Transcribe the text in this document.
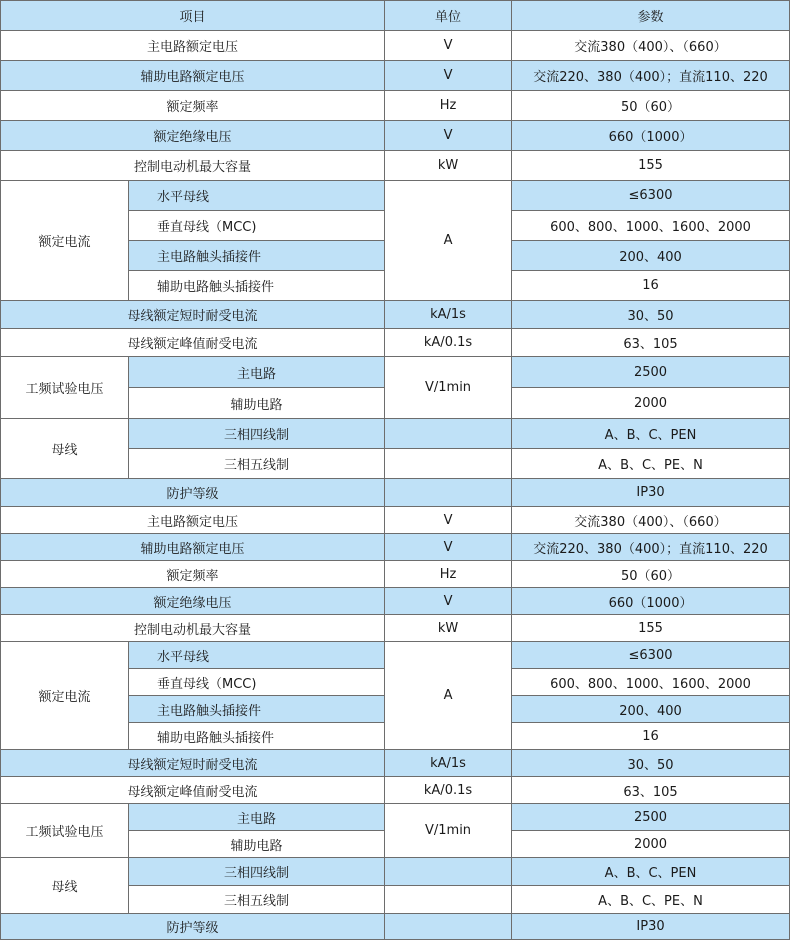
项目		单位	参数
主电路额定电压		V	交流380（400）、（660）
辅助电路额定电压		V	交流220、380（400）；直流110、220
额定频率		Hz	50（60）
额定绝缘电压		V	660（1000）
控制电动机最大容量		kW	155
额定电流	水平母线	A	≤6300
	垂直母线（MCC)		600、800、1000、1600、2000
	主电路触头插接件		200、400
	辅助电路触头插接件		16
母线额定短时耐受电流		kA/1s	30、50
母线额定峰值耐受电流		kA/0.1s	63、105
工频试验电压	主电路	V/1min	2500
	辅助电路		2000
母线	三相四线制		A、B、C、PEN
	三相五线制		A、B、C、PE、N
防护等级			IP30
主电路额定电压		V	交流380（400）、（660）
辅助电路额定电压		V	交流220、380（400）；直流110、220
额定频率		Hz	50（60）
额定绝缘电压		V	660（1000）
控制电动机最大容量		kW	155
额定电流	水平母线	A	≤6300
	垂直母线（MCC)		600、800、1000、1600、2000
	主电路触头插接件		200、400
	辅助电路触头插接件		16
母线额定短时耐受电流		kA/1s	30、50
母线额定峰值耐受电流		kA/0.1s	63、105
工频试验电压	主电路	V/1min	2500
	辅助电路		2000
母线	三相四线制		A、B、C、PEN
	三相五线制		A、B、C、PE、N
防护等级			IP30
